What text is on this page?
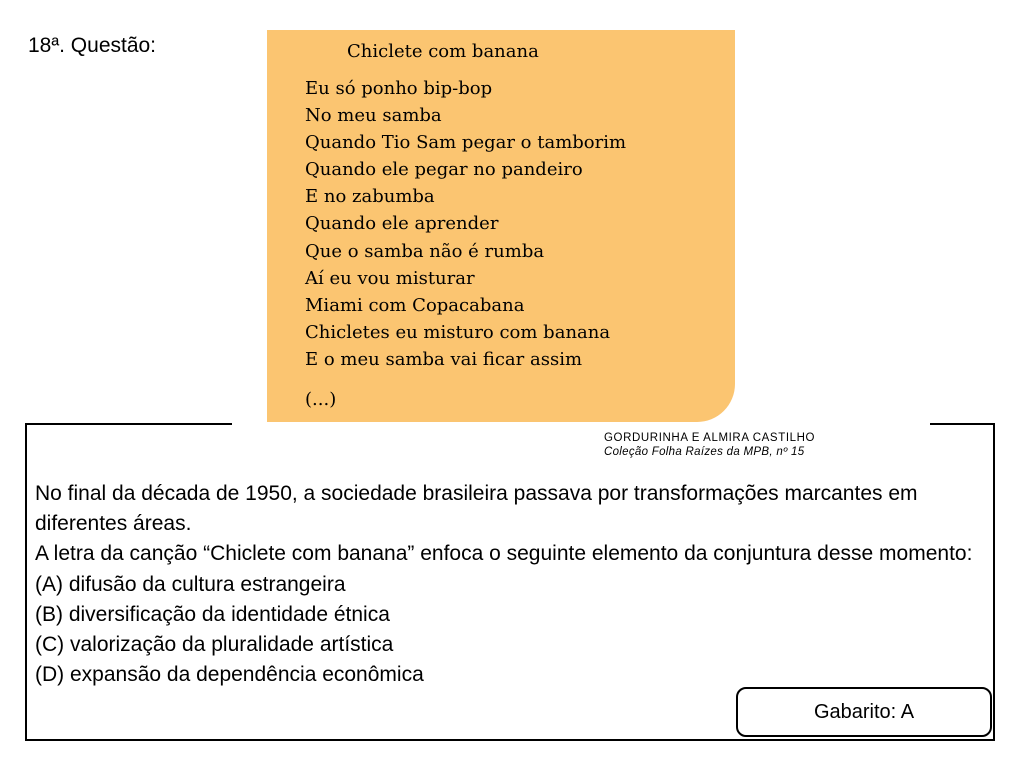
18ª. Questão:	Chiclete com banana
Eu só ponho bip-bop
No meu samba
Quando Tio Sam pegar o tamborim
Quando ele pegar no pandeiro
E no zabumba
Quando ele aprender
Que o samba não é rumba
Aí eu vou misturar
Miami com Copacabana
Chicletes eu misturo com banana
E o meu samba vai ficar assim
(...)
GORDURINHA E ALMIRA CASTILHO
Coleção Folha Raízes da MPB, nº 15
No final da década de 1950, a sociedade brasileira passava por transformações marcantes em diferentes áreas.
A letra da canção “Chiclete com banana” enfoca o seguinte elemento da conjuntura desse momento:
(A) difusão da cultura estrangeira
(B) diversificação da identidade étnica
(C) valorização da pluralidade artística
(D) expansão da dependência econômica
Gabarito: A
